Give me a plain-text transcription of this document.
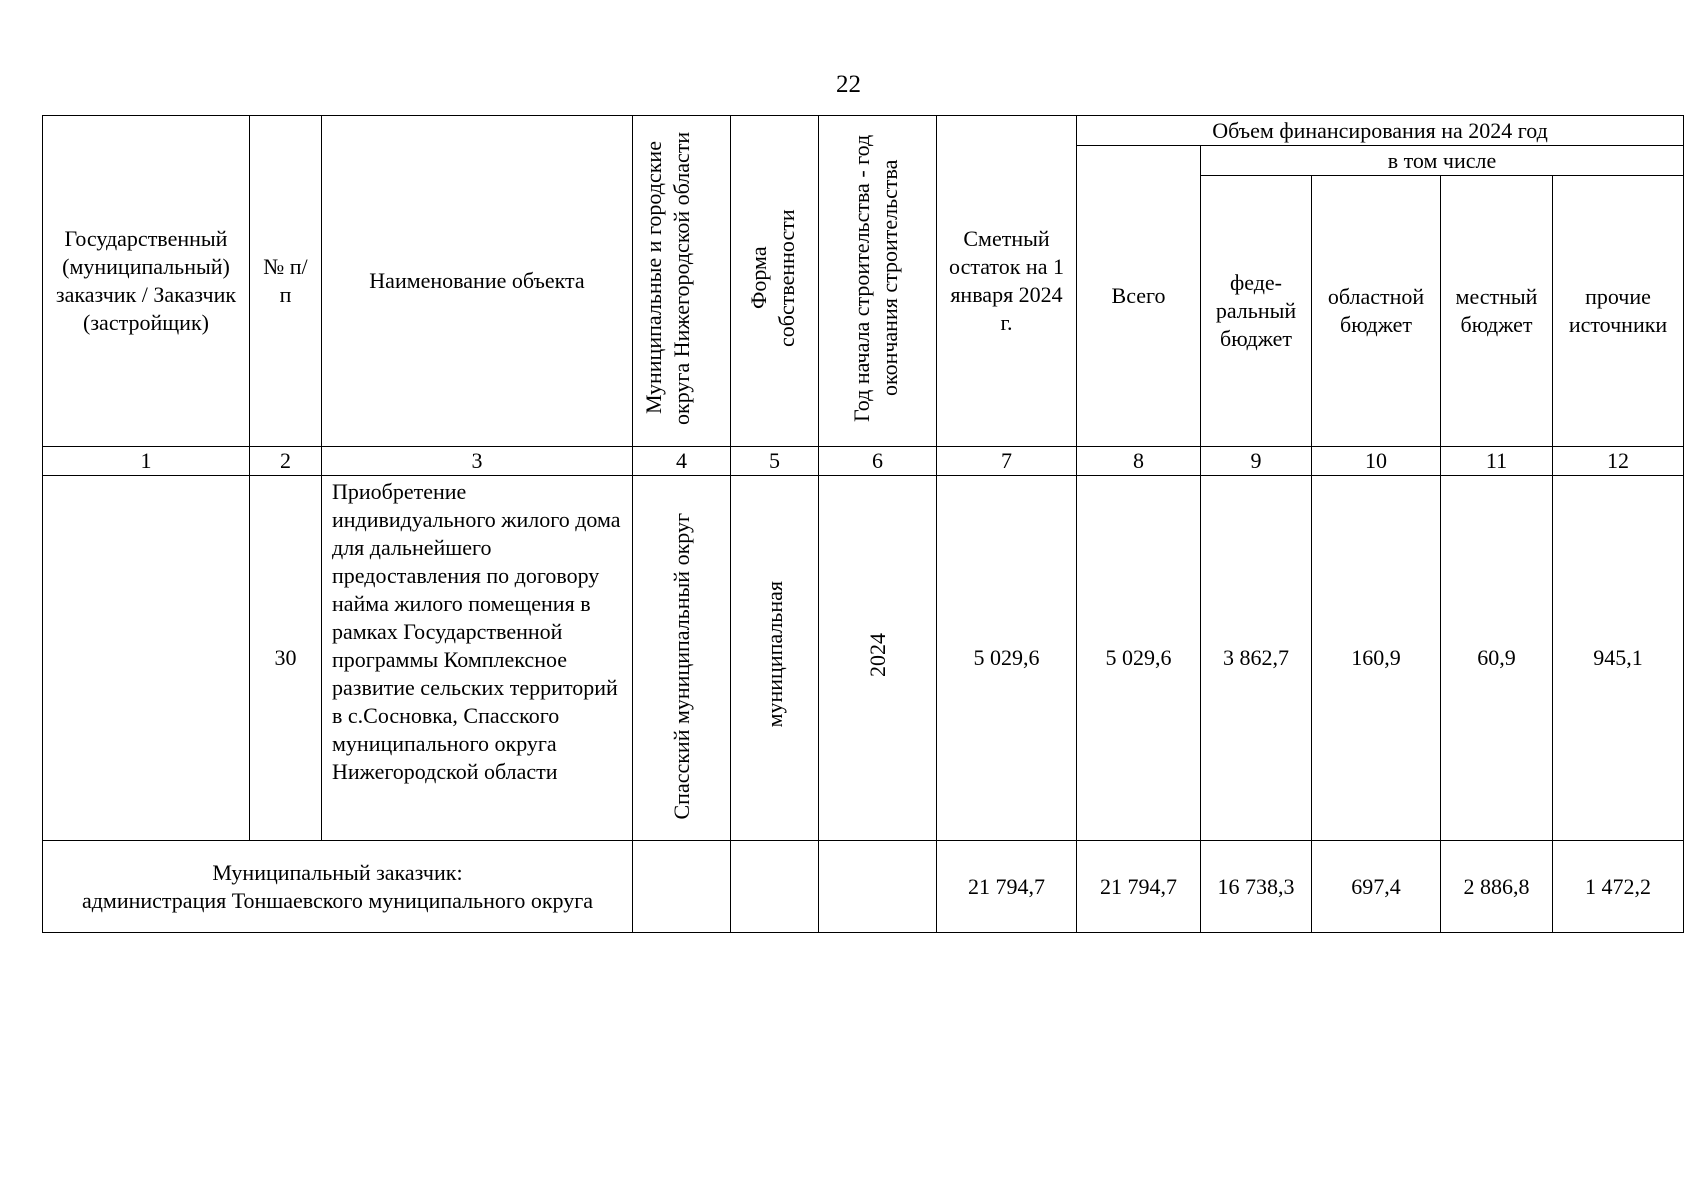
22
Государственный (муниципальный) заказчик / Заказчик (застройщик)	№ п/п	Наименование объекта	Муниципальные и городские округа Нижегородской области	Форма собственности	Год начала строительства - год окончания строительства	Сметный остаток на 1 января 2024 г.	Объем финансирования на 2024 год				
							Всего	в том числе			
								феде-ральный бюджет	областной бюджет	местный бюджет	прочие источники
1	2	3	4	5	6	7	8	9	10	11	12
	30	Приобретение индивидуального жилого дома для дальнейшего предоставления по договору найма жилого помещения в рамках Государственной программы Комплексное развитие сельских территорий в с.Сосновка, Спасского муниципального округа Нижегородской области	Спасский муниципальный округ	муниципальная	2024	5 029,6	5 029,6	3 862,7	160,9	60,9	945,1

Муниципальный заказчик:
администрация Тоншаевского муниципального округа						21 794,7	21 794,7	16 738,3	697,4	2 886,8	1 472,2
